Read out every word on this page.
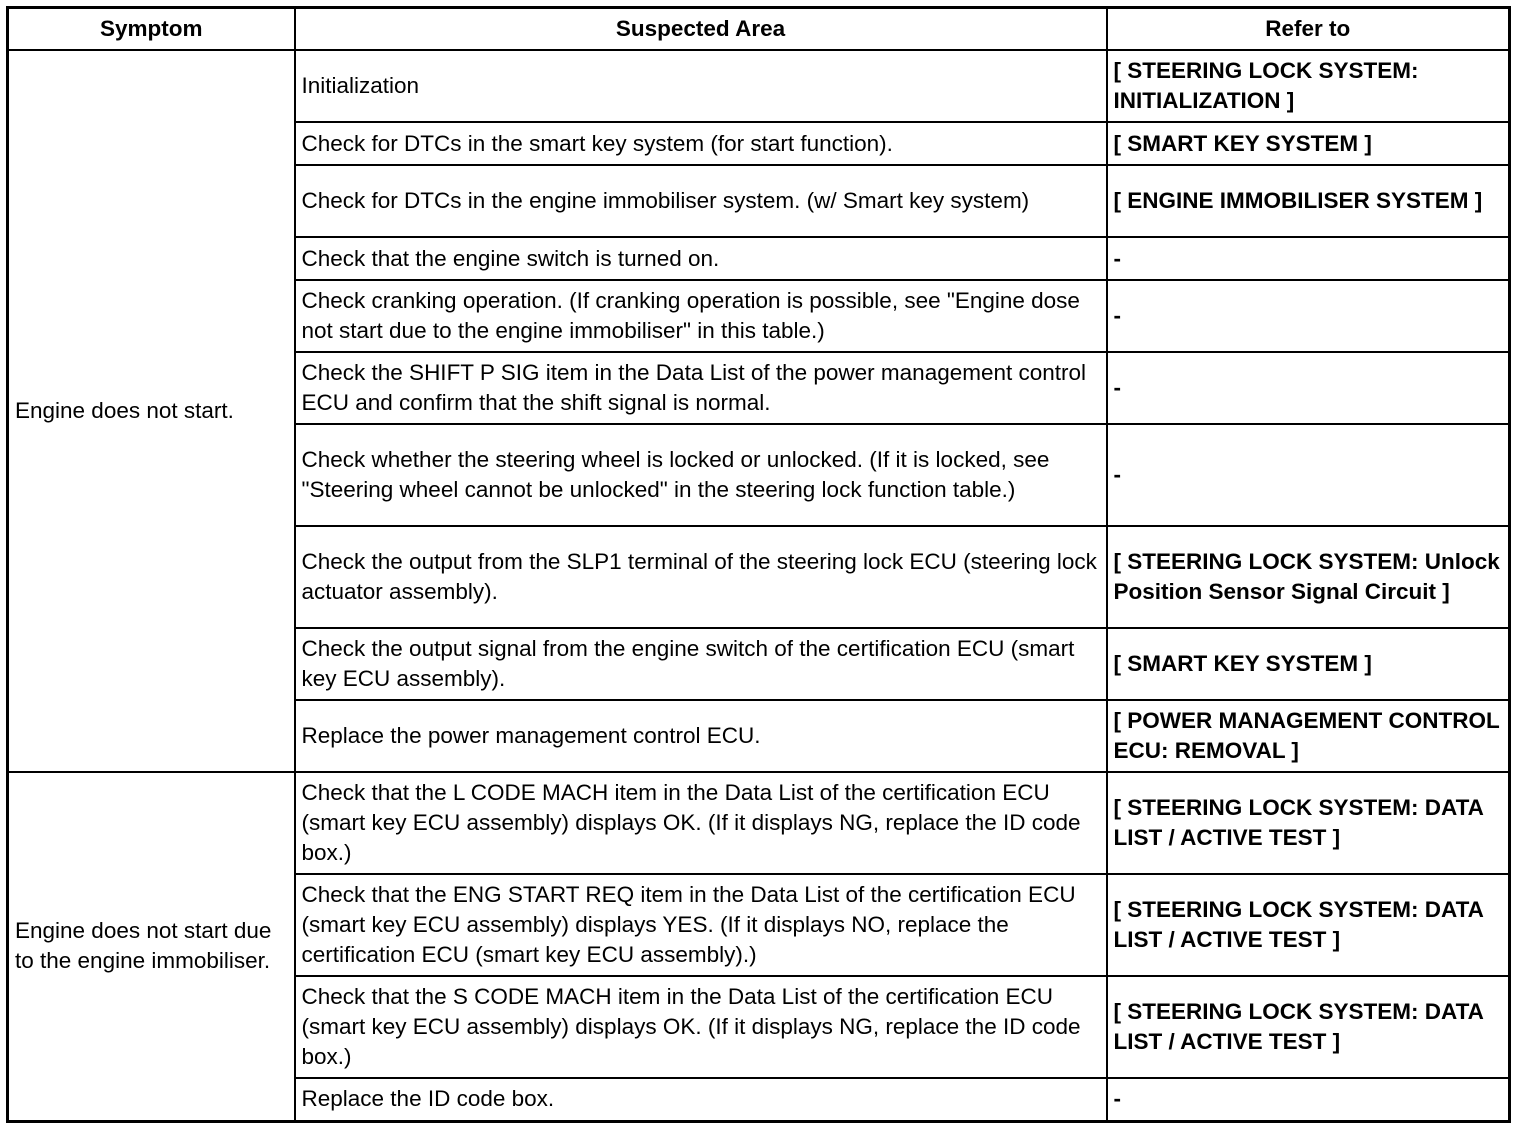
Symptom	Suspected Area	Refer to
Engine does not start.	Initialization	[ STEERING LOCK SYSTEM: INITIALIZATION ]
	Check for DTCs in the smart key system (for start function).	[ SMART KEY SYSTEM ]
	Check for DTCs in the engine immobiliser system. (w/ Smart key system)	[ ENGINE IMMOBILISER SYSTEM ]
	Check that the engine switch is turned on.	-
	Check cranking operation. (If cranking operation is possible, see "Engine dose not start due to the engine immobiliser" in this table.)	-
	Check the SHIFT P SIG item in the Data List of the power management control ECU and confirm that the shift signal is normal.	-
	Check whether the steering wheel is locked or unlocked. (If it is locked, see "Steering wheel cannot be unlocked" in the steering lock function table.)	-
	Check the output from the SLP1 terminal of the steering lock ECU (steering lock actuator assembly).	[ STEERING LOCK SYSTEM: Unlock Position Sensor Signal Circuit ]
	Check the output signal from the engine switch of the certification ECU (smart key ECU assembly).	[ SMART KEY SYSTEM ]
	Replace the power management control ECU.	[ POWER MANAGEMENT CONTROL ECU: REMOVAL ]
Engine does not start due to the engine immobiliser.	Check that the L CODE MACH item in the Data List of the certification ECU (smart key ECU assembly) displays OK. (If it displays NG, replace the ID code box.)	[ STEERING LOCK SYSTEM: DATA LIST / ACTIVE TEST ]
	Check that the ENG START REQ item in the Data List of the certification ECU (smart key ECU assembly) displays YES. (If it displays NO, replace the certification ECU (smart key ECU assembly).)	[ STEERING LOCK SYSTEM: DATA LIST / ACTIVE TEST ]
	Check that the S CODE MACH item in the Data List of the certification ECU (smart key ECU assembly) displays OK. (If it displays NG, replace the ID code box.)	[ STEERING LOCK SYSTEM: DATA LIST / ACTIVE TEST ]
	Replace the ID code box.	-
